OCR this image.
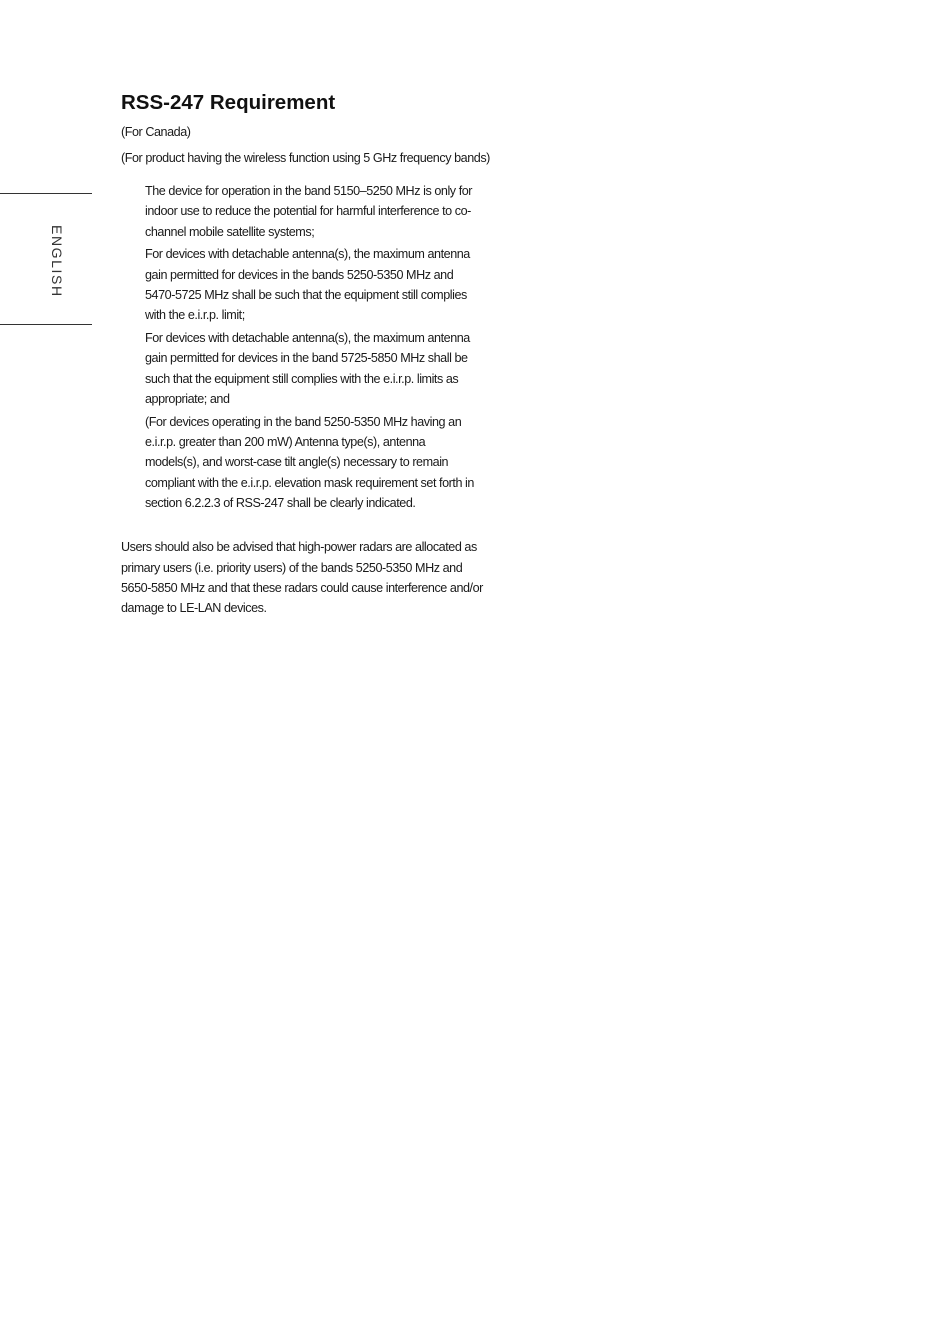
ENGLISH
RSS-247 Requirement

(For Canada)

(For product having the wireless function using 5 GHz frequency bands)

The device for operation in the band 5150–5250 MHz is only for indoor use to reduce the potential for harmful interference to co-channel mobile satellite systems;
For devices with detachable antenna(s), the maximum antenna gain permitted for devices in the bands 5250-5350 MHz and 5470-5725 MHz shall be such that the equipment still complies with the e.i.r.p. limit;
For devices with detachable antenna(s), the maximum antenna gain permitted for devices in the band 5725-5850 MHz shall be such that the equipment still complies with the e.i.r.p. limits as appropriate; and
(For devices operating in the band 5250-5350 MHz having an e.i.r.p. greater than 200 mW) Antenna type(s), antenna models(s), and worst-case tilt angle(s) necessary to remain compliant with the e.i.r.p. elevation mask requirement set forth in section 6.2.2.3 of RSS-247 shall be clearly indicated.

Users should also be advised that high-power radars are allocated as primary users (i.e. priority users) of the bands 5250-5350 MHz and 5650-5850 MHz and that these radars could cause interference and/or damage to LE-LAN devices.
